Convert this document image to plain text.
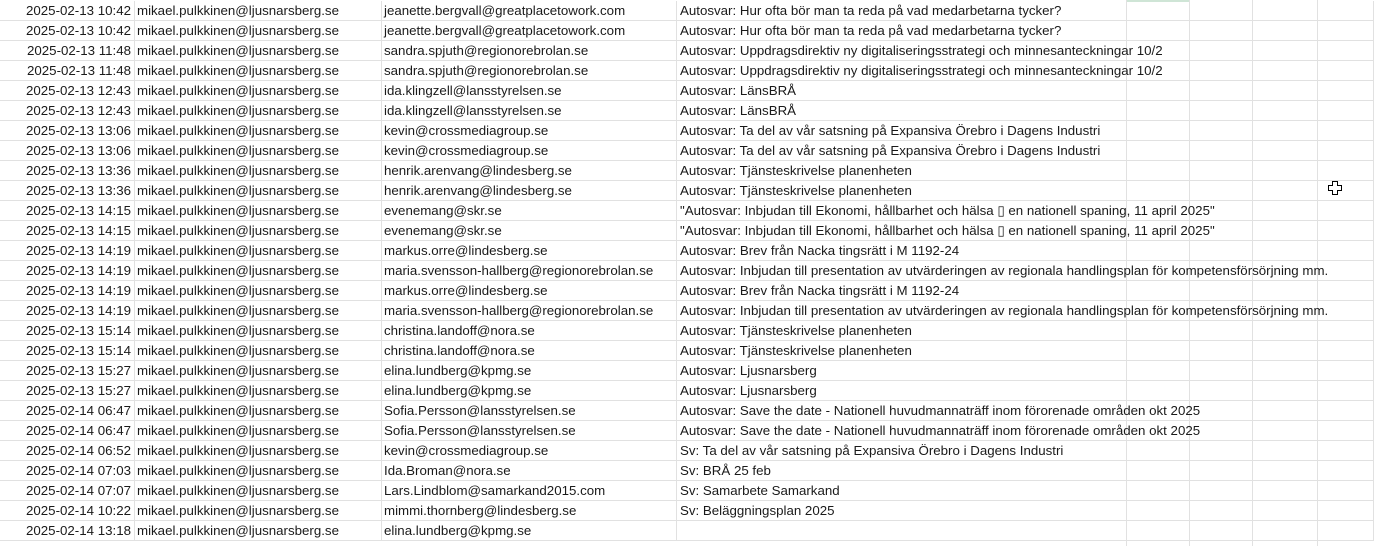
2025-02-13 10:42 mikael.pulkkinen@ljusnarsberg.se	jeanette.bergvall@greatplacetowork.com	Autosvar: Hur ofta bör man ta reda på vad medarbetarna tycker?
2025-02-13 10:42 mikael.pulkkinen@ljusnarsberg.se	jeanette.bergvall@greatplacetowork.com	Autosvar: Hur ofta bör man ta reda på vad medarbetarna tycker?
2025-02-13 11:48 mikael.pulkkinen@ljusnarsberg.se	sandra.spjuth@regionorebrolan.se	Autosvar: Uppdragsdirektiv ny digitaliseringsstrategi och minnesanteckningar 10/2
2025-02-13 11:48 mikael.pulkkinen@ljusnarsberg.se	sandra.spjuth@regionorebrolan.se	Autosvar: Uppdragsdirektiv ny digitaliseringsstrategi och minnesanteckningar 10/2
2025-02-13 12:43 mikael.pulkkinen@ljusnarsberg.se	ida.klingzell@lansstyrelsen.se	Autosvar: LänsBRÅ
2025-02-13 12:43 mikael.pulkkinen@ljusnarsberg.se	ida.klingzell@lansstyrelsen.se	Autosvar: LänsBRÅ
2025-02-13 13:06 mikael.pulkkinen@ljusnarsberg.se	kevin@crossmediagroup.se	Autosvar: Ta del av vår satsning på Expansiva Örebro i Dagens Industri
2025-02-13 13:06 mikael.pulkkinen@ljusnarsberg.se	kevin@crossmediagroup.se	Autosvar: Ta del av vår satsning på Expansiva Örebro i Dagens Industri
2025-02-13 13:36 mikael.pulkkinen@ljusnarsberg.se	henrik.arenvang@lindesberg.se	Autosvar: Tjänsteskrivelse planenheten
2025-02-13 13:36 mikael.pulkkinen@ljusnarsberg.se	henrik.arenvang@lindesberg.se	Autosvar: Tjänsteskrivelse planenheten
2025-02-13 14:15 mikael.pulkkinen@ljusnarsberg.se	evenemang@skr.se	"Autosvar: Inbjudan till Ekonomi, hållbarhet och hälsa ▯ en nationell spaning, 11 april 2025"
2025-02-13 14:15 mikael.pulkkinen@ljusnarsberg.se	evenemang@skr.se	"Autosvar: Inbjudan till Ekonomi, hållbarhet och hälsa ▯ en nationell spaning, 11 april 2025"
2025-02-13 14:19 mikael.pulkkinen@ljusnarsberg.se	markus.orre@lindesberg.se	Autosvar: Brev från Nacka tingsrätt i M 1192-24
2025-02-13 14:19 mikael.pulkkinen@ljusnarsberg.se	maria.svensson-hallberg@regionorebrolan.se	Autosvar: Inbjudan till presentation av utvärderingen av regionala handlingsplan för kompetensförsörjning mm.
2025-02-13 14:19 mikael.pulkkinen@ljusnarsberg.se	markus.orre@lindesberg.se	Autosvar: Brev från Nacka tingsrätt i M 1192-24
2025-02-13 14:19 mikael.pulkkinen@ljusnarsberg.se	maria.svensson-hallberg@regionorebrolan.se	Autosvar: Inbjudan till presentation av utvärderingen av regionala handlingsplan för kompetensförsörjning mm.
2025-02-13 15:14 mikael.pulkkinen@ljusnarsberg.se	christina.landoff@nora.se	Autosvar: Tjänsteskrivelse planenheten
2025-02-13 15:14 mikael.pulkkinen@ljusnarsberg.se	christina.landoff@nora.se	Autosvar: Tjänsteskrivelse planenheten
2025-02-13 15:27 mikael.pulkkinen@ljusnarsberg.se	elina.lundberg@kpmg.se	Autosvar: Ljusnarsberg
2025-02-13 15:27 mikael.pulkkinen@ljusnarsberg.se	elina.lundberg@kpmg.se	Autosvar: Ljusnarsberg
2025-02-14 06:47 mikael.pulkkinen@ljusnarsberg.se	Sofia.Persson@lansstyrelsen.se	Autosvar: Save the date - Nationell huvudmannaträff inom förorenade områden okt 2025
2025-02-14 06:47 mikael.pulkkinen@ljusnarsberg.se	Sofia.Persson@lansstyrelsen.se	Autosvar: Save the date - Nationell huvudmannaträff inom förorenade områden okt 2025
2025-02-14 06:52 mikael.pulkkinen@ljusnarsberg.se	kevin@crossmediagroup.se	Sv: Ta del av vår satsning på Expansiva Örebro i Dagens Industri
2025-02-14 07:03 mikael.pulkkinen@ljusnarsberg.se	Ida.Broman@nora.se	Sv: BRÅ 25 feb
2025-02-14 07:07 mikael.pulkkinen@ljusnarsberg.se	Lars.Lindblom@samarkand2015.com	Sv: Samarbete Samarkand
2025-02-14 10:22 mikael.pulkkinen@ljusnarsberg.se	mimmi.thornberg@lindesberg.se	Sv: Beläggningsplan 2025
2025-02-14 13:18 mikael.pulkkinen@ljusnarsberg.se	elina.lundberg@kpmg.se
